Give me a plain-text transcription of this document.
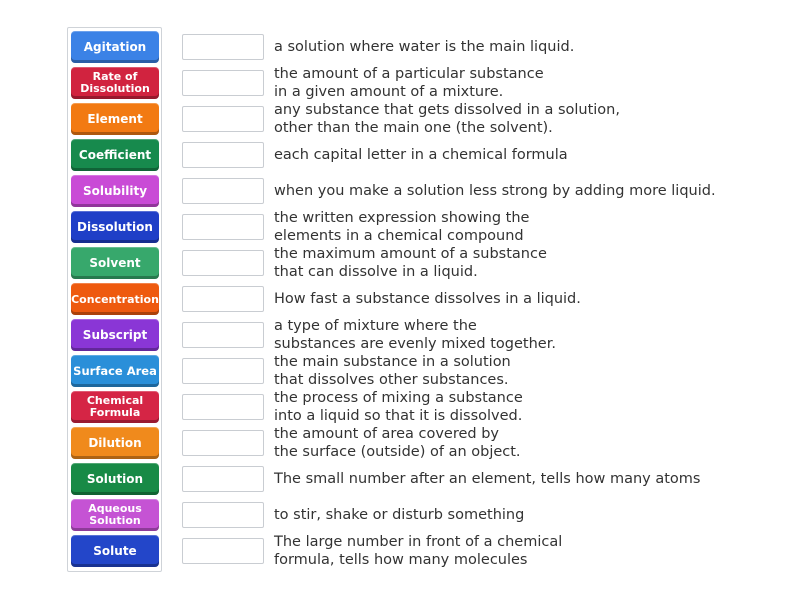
Agitation
Rate of
Dissolution
Element
Coefficient
Solubility
Dissolution
Solvent
Concentration
Subscript
Surface Area
Chemical
Formula
Dilution
Solution
Aqueous
Solution
Solute
a solution where water is the main liquid.
the amount of a particular substance
in a given amount of a mixture.
any substance that gets dissolved in a solution,
other than the main one (the solvent).
each capital letter in a chemical formula
when you make a solution less strong by adding more liquid.
the written expression showing the
elements in a chemical compound
the maximum amount of a substance
that can dissolve in a liquid.
How fast a substance dissolves in a liquid.
a type of mixture where the
substances are evenly mixed together.
the main substance in a solution
that dissolves other substances.
the process of mixing a substance
into a liquid so that it is dissolved.
the amount of area covered by
the surface (outside) of an object.
The small number after an element, tells how many atoms
to stir, shake or disturb something
The large number in front of a chemical
formula, tells how many molecules
